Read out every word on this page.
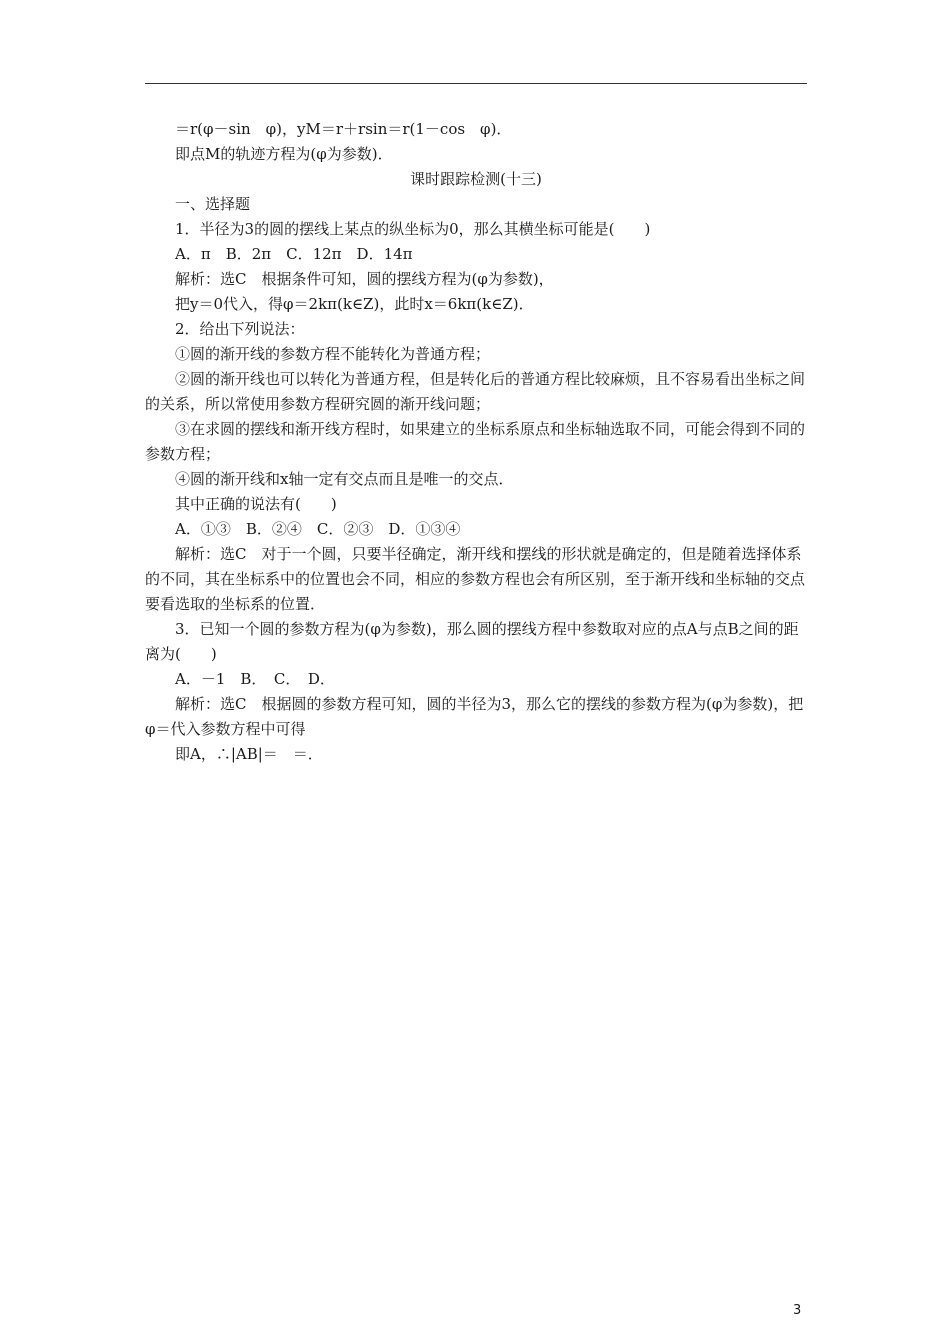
＝r(φ－sin　φ)，yM＝r＋rsin＝r(1－cos　φ)．
即点M的轨迹方程为(φ为参数)．
课时跟踪检测(十三)
一、选择题
1．半径为3的圆的摆线上某点的纵坐标为0，那么其横坐标可能是(　　)
A．π　B．2π　C．12π　D．14π
解析：选C　根据条件可知，圆的摆线方程为(φ为参数)，
把y＝0代入，得φ＝2kπ(k∈Z)，此时x＝6kπ(k∈Z)．
2．给出下列说法：
①圆的渐开线的参数方程不能转化为普通方程；
②圆的渐开线也可以转化为普通方程，但是转化后的普通方程比较麻烦，且不容易看出坐标之间的关系，所以常使用参数方程研究圆的渐开线问题；
③在求圆的摆线和渐开线方程时，如果建立的坐标系原点和坐标轴选取不同，可能会得到不同的参数方程；
④圆的渐开线和x轴一定有交点而且是唯一的交点．
其中正确的说法有(　　)
A．①③　B．②④　C．②③　D．①③④
解析：选C　对于一个圆，只要半径确定，渐开线和摆线的形状就是确定的，但是随着选择体系的不同，其在坐标系中的位置也会不同，相应的参数方程也会有所区别，至于渐开线和坐标轴的交点要看选取的坐标系的位置．
3．已知一个圆的参数方程为(φ为参数)，那么圆的摆线方程中参数取对应的点A与点B之间的距离为(　　)
A．－1　B．　C．　D．
解析：选C　根据圆的参数方程可知，圆的半径为3，那么它的摆线的参数方程为(φ为参数)，把φ＝代入参数方程中可得
即A，∴|AB|＝　＝．
3
